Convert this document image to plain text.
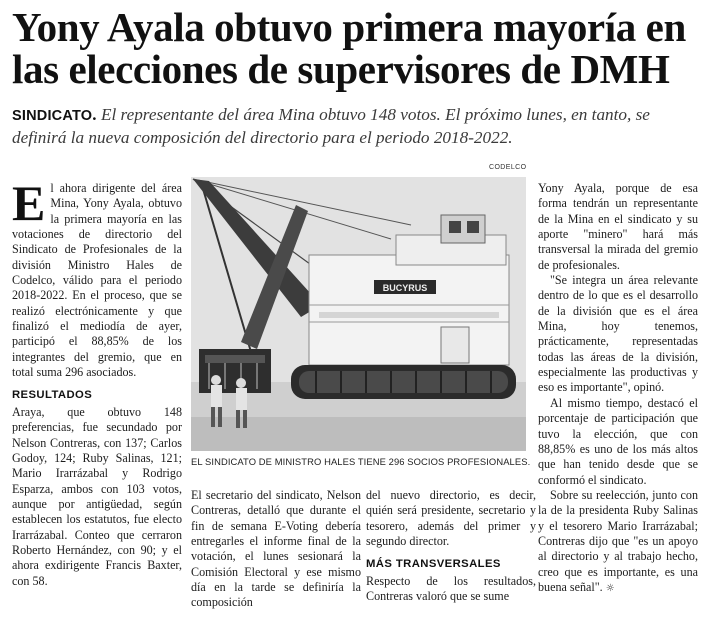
Yony Ayala obtuvo primera mayoría en
las elecciones de supervisores de DMH
SINDICATO. El representante del área Mina obtuvo 148 votos. El próximo lunes, en tanto, se definirá la nueva composición del directorio para el periodo 2018-2022.

El ahora dirigente del área Mina, Yony Ayala, obtuvo la primera mayoría en las votaciones de directorio del Sindicato de Profesionales de la división Ministro Hales de Codelco, válido para el periodo 2018-2022. En el proceso, que se realizó electrónicamente y que finalizó el mediodía de ayer, participó el 88,85% de los integrantes del gremio, que en total suma 296 asociados.

RESULTADOS

Araya, que obtuvo 148 preferencias, fue secundado por Nelson Contreras, con 137; Carlos Godoy, 124; Ruby Salinas, 121; Mario Irarrázabal y Rodrigo Esparza, ambos con 103 votos, aunque por antigüedad, según establecen los estatutos, fue electo Irarrázabal. Conteo que cerraron Roberto Hernández, con 90; y el ahora exdirigente Francis Baxter, con 58.

CODELCO
BUCYRUS
EL SINDICATO DE MINISTRO HALES TIENE 296 SOCIOS PROFESIONALES.

El secretario del sindicato, Nelson Contreras, detalló que durante el fin de semana E-Voting debería entregarles el informe final de la votación, el lunes sesionará la Comisión Electoral y ese mismo día en la tarde se definiría la composición

del nuevo directorio, es decir, quién será presidente, secretario y tesorero, además del primer y segundo director.

MÁS TRANSVERSALES

Respecto de los resultados, Contreras valoró que se sume

Yony Ayala, porque de esa forma tendrán un representante de la Mina en el sindicato y su aporte "minero" hará más transversal la mirada del gremio de profesionales.

"Se integra un área relevante dentro de lo que es el desarrollo de la división que es el área Mina, hoy tenemos, prácticamente, representadas todas las áreas de la división, especialmente las productivas y eso es importante", opinó.

Al mismo tiempo, destacó el porcentaje de participación que tuvo la elección, que con 88,85% es uno de los más altos que han tenido desde que se conformó el sindicato.

Sobre su reelección, junto con la de la presidenta Ruby Salinas y el tesorero Mario Irarrázabal; Contreras dijo que "es un apoyo al directorio y al trabajo hecho, creo que es importante, es una buena señal". ☼
